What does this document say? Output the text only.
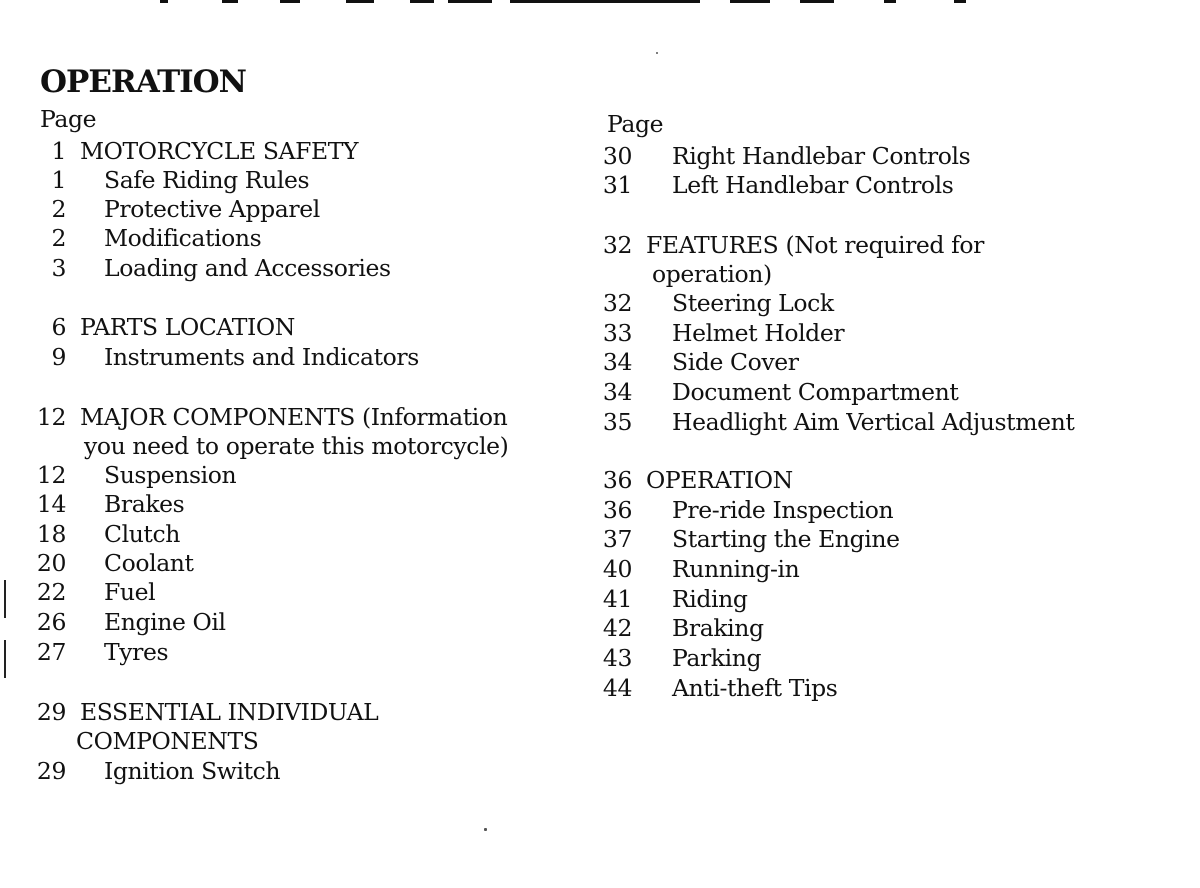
OPERATION
Page
1 MOTORCYCLE SAFETY
1 Safe Riding Rules
2 Protective Apparel
2 Modifications
3 Loading and Accessories
6 PARTS LOCATION
9 Instruments and Indicators
12 MAJOR COMPONENTS (Information
you need to operate this motorcycle)
12 Suspension
14 Brakes
18 Clutch
20 Coolant
22 Fuel
26 Engine Oil
27 Tyres
29 ESSENTIAL INDIVIDUAL
COMPONENTS
29 Ignition Switch
Page
30 Right Handlebar Controls
31 Left Handlebar Controls
32 FEATURES (Not required for
operation)
32 Steering Lock
33 Helmet Holder
34 Side Cover
34 Document Compartment
35 Headlight Aim Vertical Adjustment
36 OPERATION
36 Pre-ride Inspection
37 Starting the Engine
40 Running-in
41 Riding
42 Braking
43 Parking
44 Anti-theft Tips
